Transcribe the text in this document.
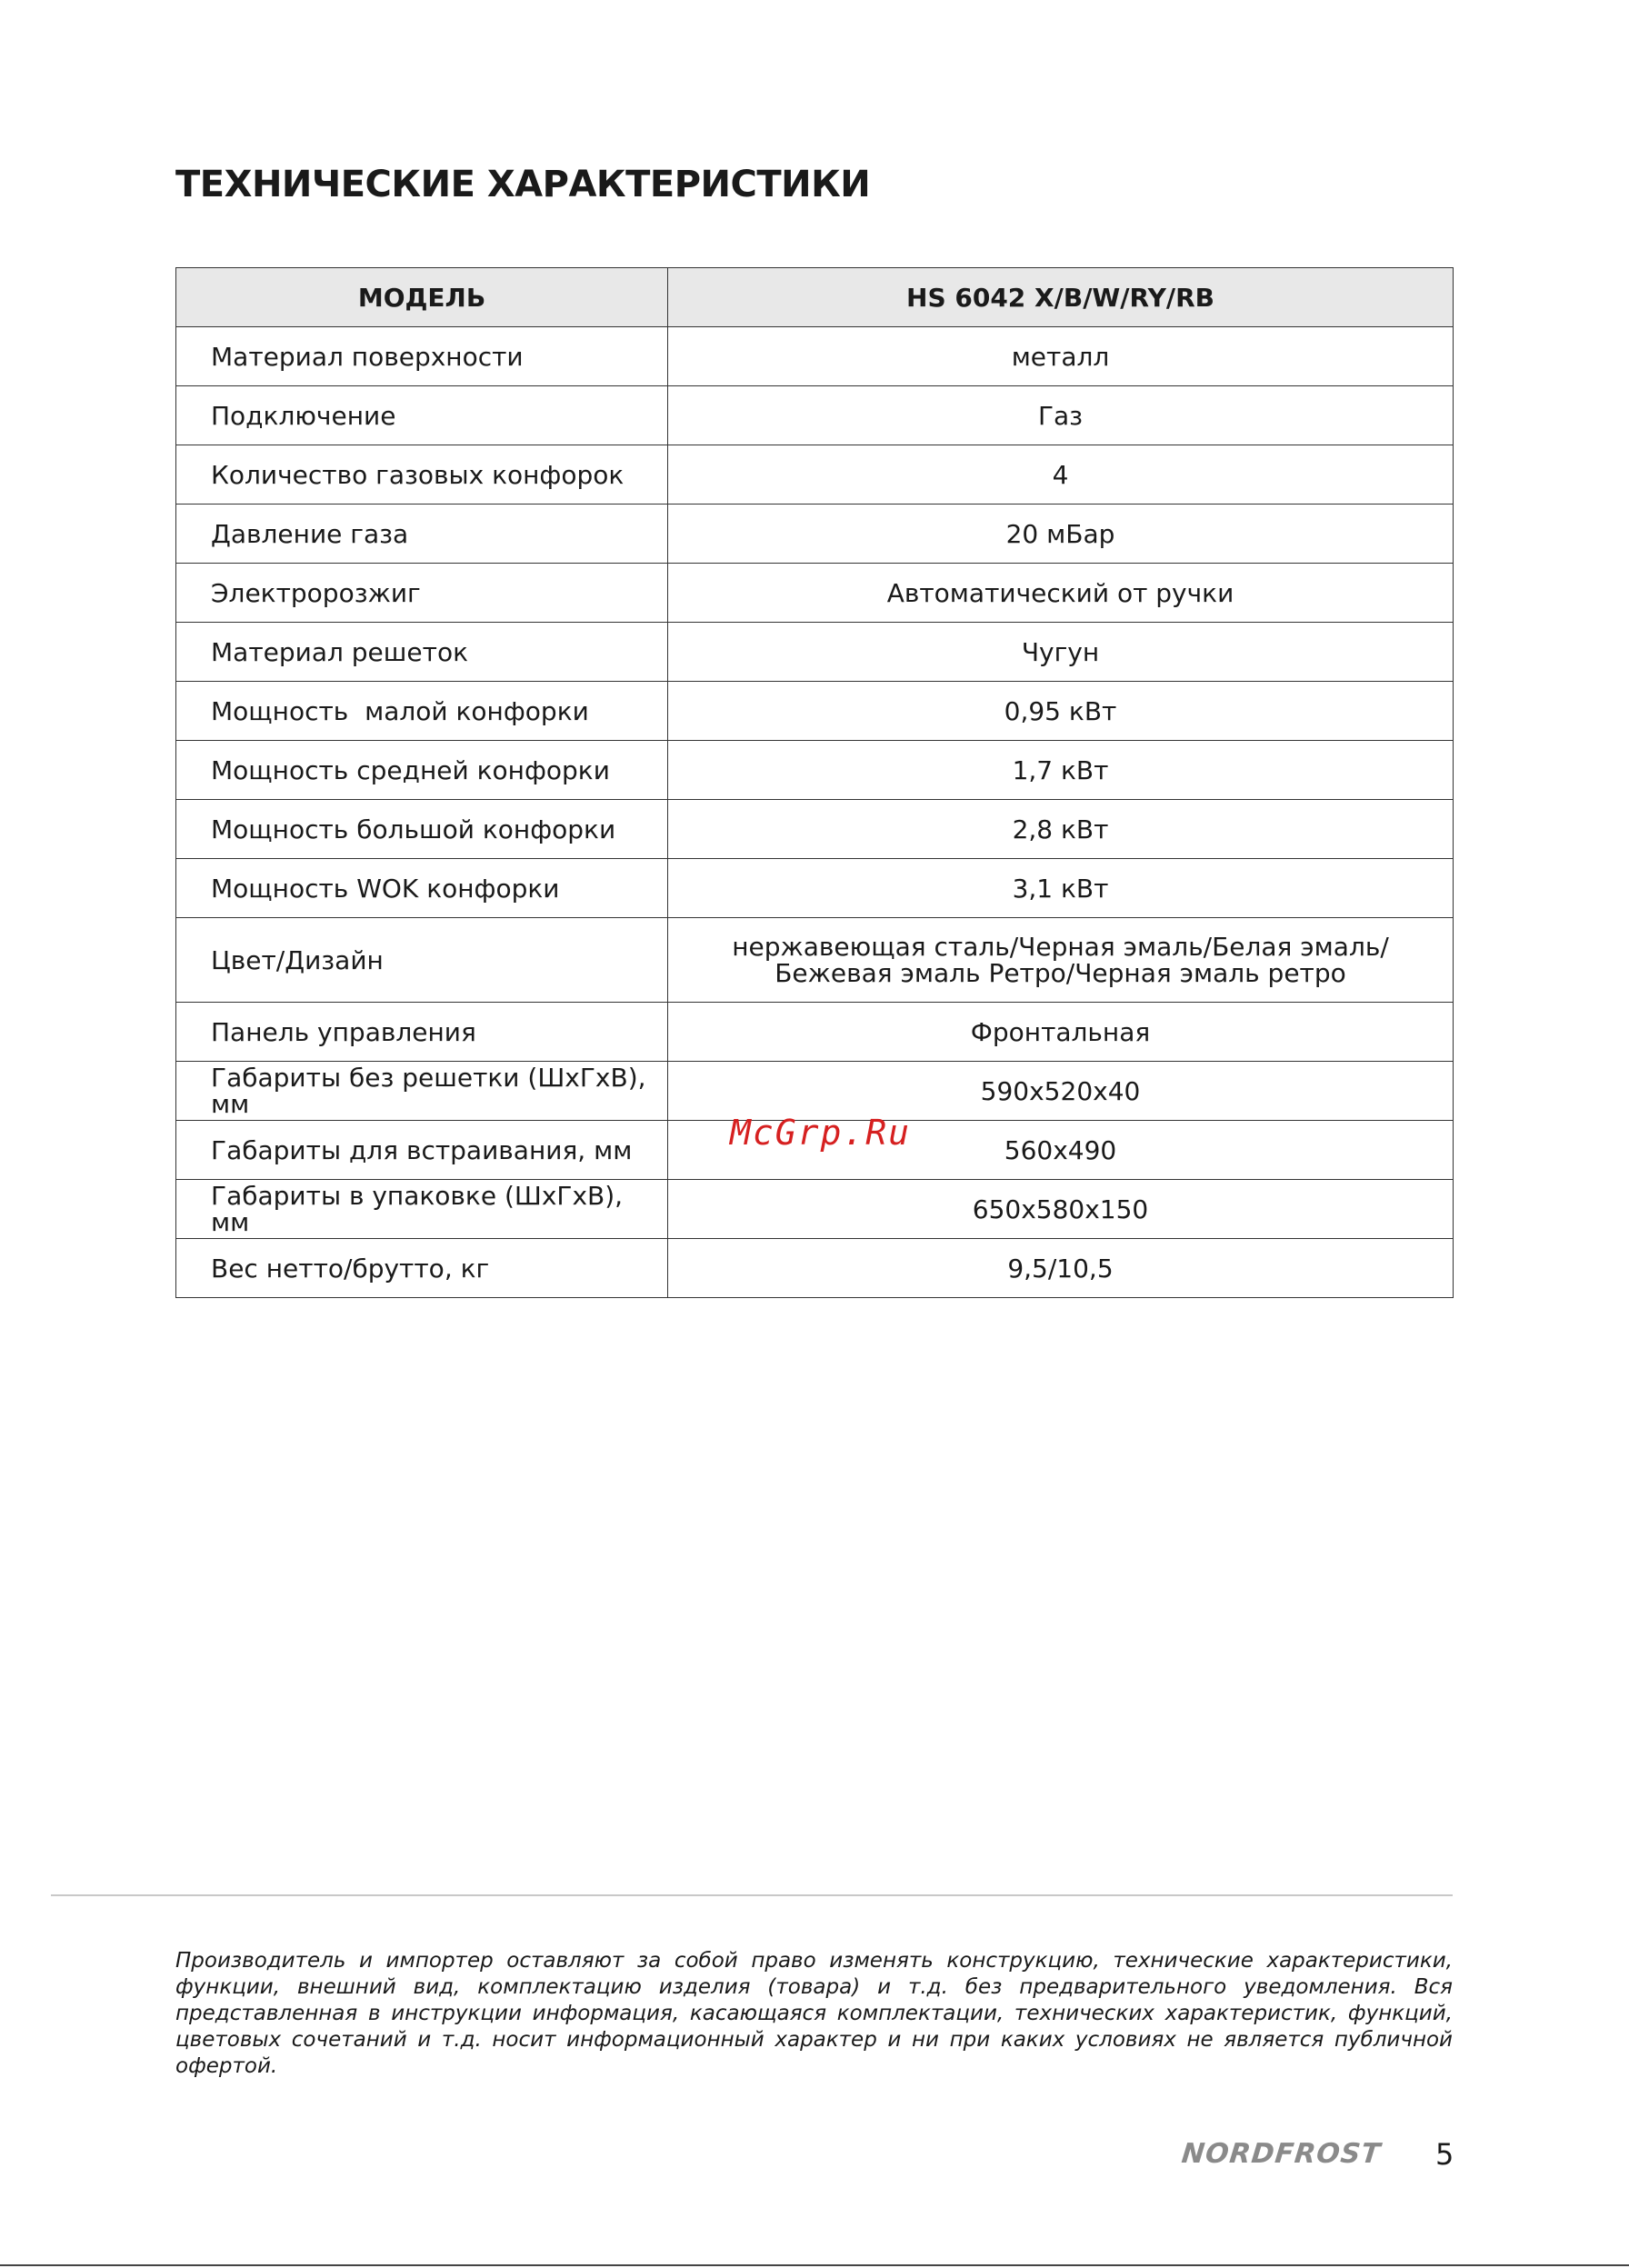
ТЕХНИЧЕСКИЕ ХАРАКТЕРИСТИКИ
МОДЕЛЬ	HS 6042 X/B/W/RY/RB
Материал поверхности	металл
Подключение	Газ
Количество газовых конфорок	4
Давление газа	20 мБар
Электророзжиг	Автоматический от ручки
Материал решеток	Чугун
Мощность  малой конфорки	0,95 кВт
Мощность средней конфорки	1,7 кВт
Мощность большой конфорки	2,8 кВт
Мощность WOK конфорки	3,1 кВт
Цвет/Дизайн	нержавеющая сталь/Черная эмаль/Белая эмаль/Бежевая эмаль Ретро/Черная эмаль ретро
Панель управления	Фронтальная
Габариты без решетки (ШхГхВ), мм	590х520х40
Габариты для встраивания, мм	560х490
Габариты в упаковке (ШхГхВ), мм	650х580х150
Вес нетто/брутто, кг	9,5/10,5
McGrp.Ru

Производитель и импортер оставляют за собой право изменять конструкцию, технические характеристики, функции, внешний вид, комплектацию изделия (товара) и т.д. без предварительного уведомления. Вся представленная в инструкции информация, касающаяся комплектации, технических характеристик, функций, цветовых сочетаний и т.д. носит информационный характер и ни при каких условиях не является публичной офертой.

NORDFROST 5
